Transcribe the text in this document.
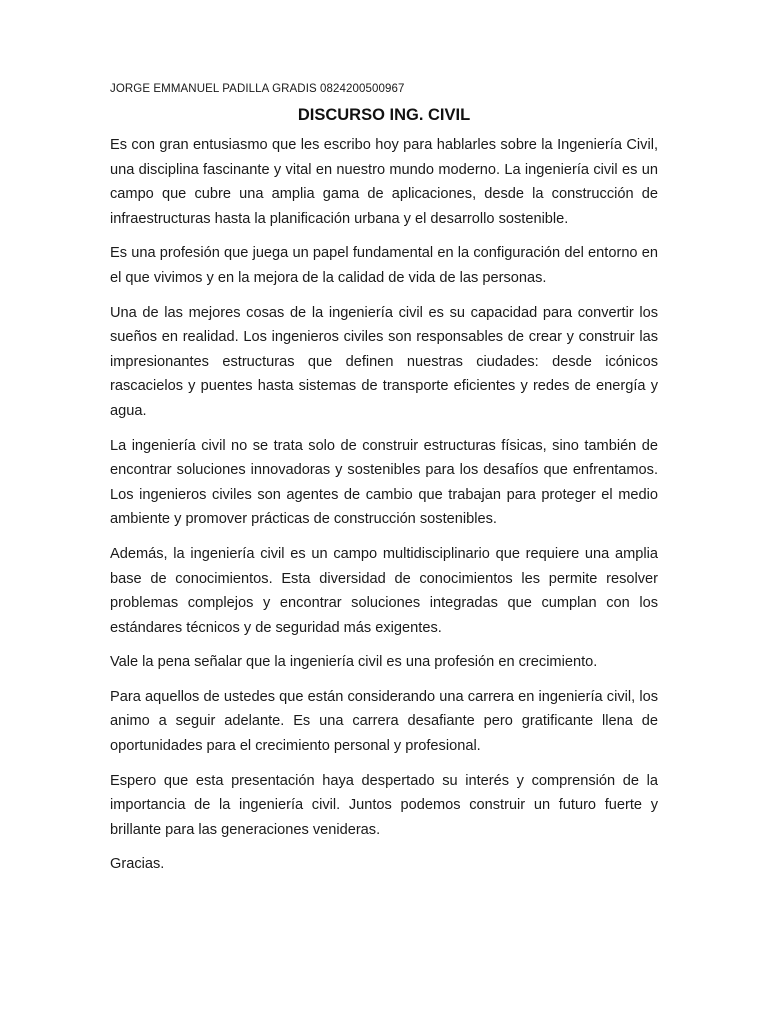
JORGE EMMANUEL PADILLA GRADIS 0824200500967
DISCURSO ING. CIVIL

Es con gran entusiasmo que les escribo hoy para hablarles sobre la Ingeniería Civil, una disciplina fascinante y vital en nuestro mundo moderno. La ingeniería civil es un campo que cubre una amplia gama de aplicaciones, desde la construcción de infraestructuras hasta la planificación urbana y el desarrollo sostenible.

Es una profesión que juega un papel fundamental en la configuración del entorno en el que vivimos y en la mejora de la calidad de vida de las personas.

Una de las mejores cosas de la ingeniería civil es su capacidad para convertir los sueños en realidad. Los ingenieros civiles son responsables de crear y construir las impresionantes estructuras que definen nuestras ciudades: desde icónicos rascacielos y puentes hasta sistemas de transporte eficientes y redes de energía y agua.

La ingeniería civil no se trata solo de construir estructuras físicas, sino también de encontrar soluciones innovadoras y sostenibles para los desafíos que enfrentamos. Los ingenieros civiles son agentes de cambio que trabajan para proteger el medio ambiente y promover prácticas de construcción sostenibles.

Además, la ingeniería civil es un campo multidisciplinario que requiere una amplia base de conocimientos. Esta diversidad de conocimientos les permite resolver problemas complejos y encontrar soluciones integradas que cumplan con los estándares técnicos y de seguridad más exigentes.

Vale la pena señalar que la ingeniería civil es una profesión en crecimiento.

Para aquellos de ustedes que están considerando una carrera en ingeniería civil, los animo a seguir adelante. Es una carrera desafiante pero gratificante llena de oportunidades para el crecimiento personal y profesional.

Espero que esta presentación haya despertado su interés y comprensión de la importancia de la ingeniería civil. Juntos podemos construir un futuro fuerte y brillante para las generaciones venideras.

Gracias.
